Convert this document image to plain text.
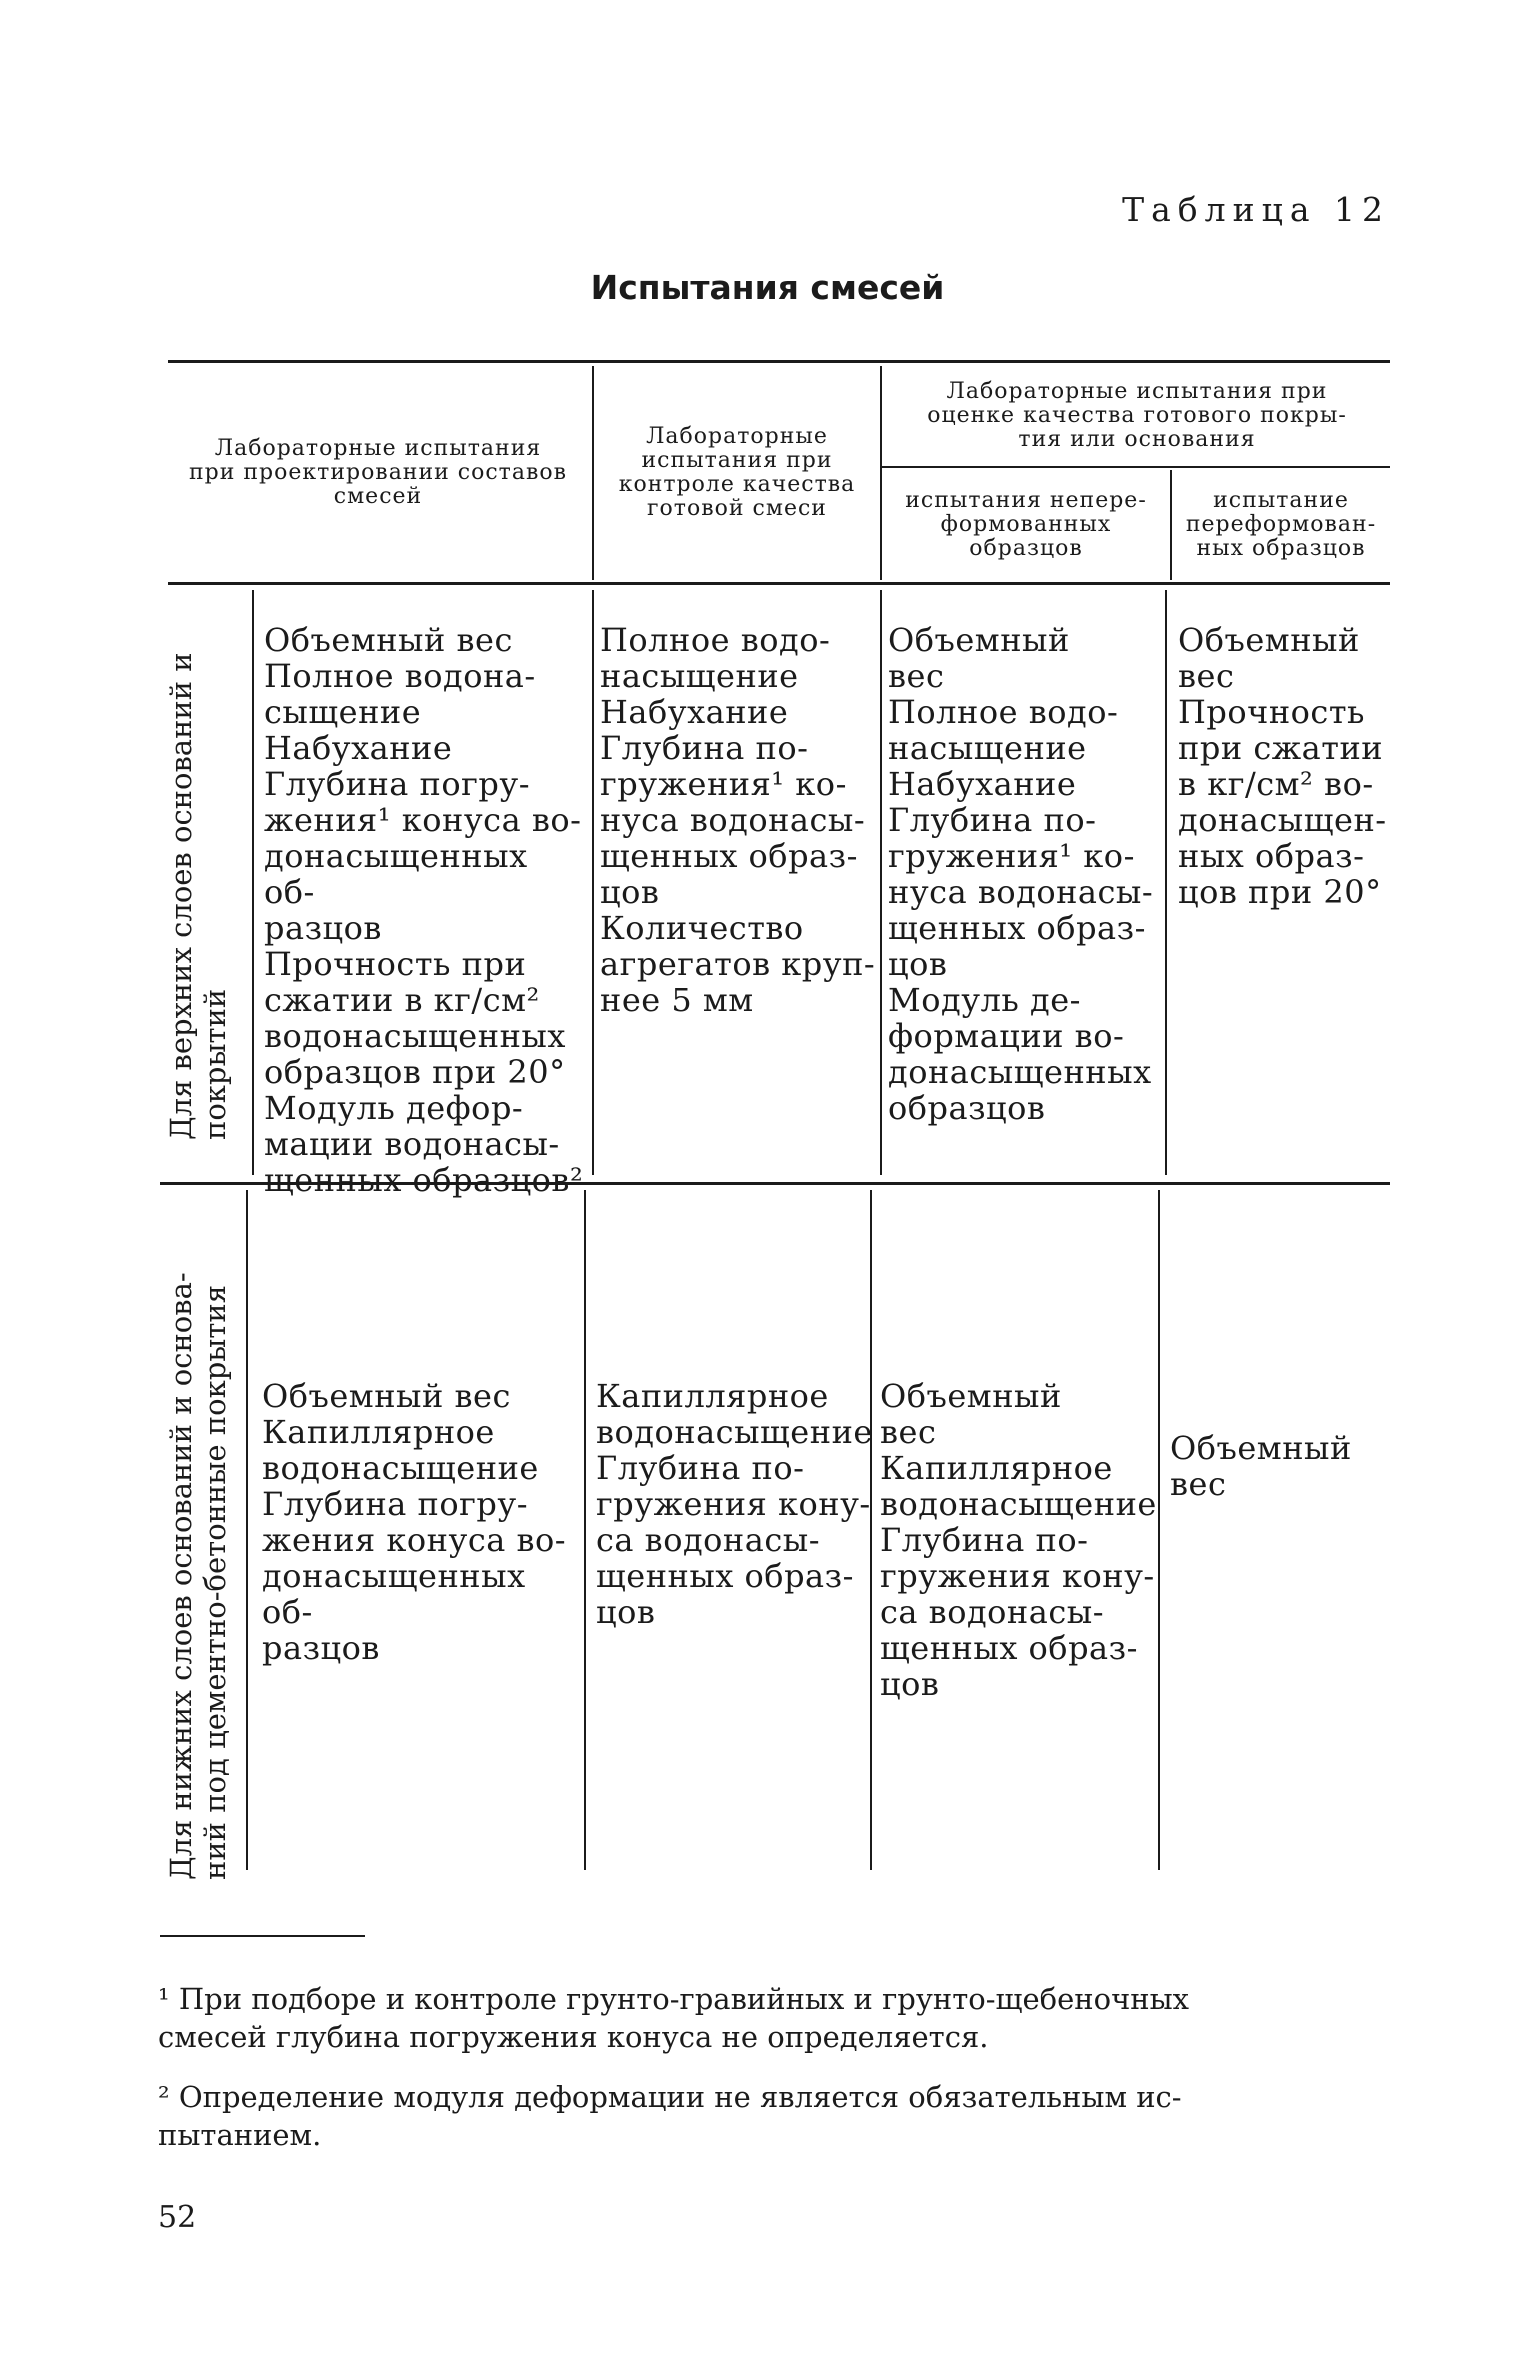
Таблица 12
Испытания смесей
Лабораторные испытания
при проектировании составов
смесей
Лабораторные
испытания при
контроле качества
готовой смеси
Лабораторные испытания при
оценке качества готового покры-
тия или основания
испытания непере-
формованных
образцов
испытание
переформован-
ных образцов
Для верхних слоев оснований и
покрытий
Объемный вес
Полное водона-
сыщение
Набухание
Глубина погру-
жения¹ конуса во-
донасыщенных об-
разцов
Прочность при
сжатии в кг/см²
водонасыщенных
образцов при 20°
Модуль дефор-
мации водонасы-
щенных образцов²
Полное водо-
насыщение
Набухание
Глубина по-
гружения¹ ко-
нуса водонасы-
щенных образ-
цов
Количество
агрегатов круп-
нее 5 мм
Объемный
вес
Полное водо-
насыщение
Набухание
Глубина по-
гружения¹ ко-
нуса водонасы-
щенных образ-
цов
Модуль де-
формации во-
донасыщенных
образцов
Объемный
вес
Прочность
при сжатии
в кг/см² во-
донасыщен-
ных образ-
цов при 20°
Для нижних слоев оснований и основа-
ний под цементно-бетонные покрытия Объемный вес
Капиллярное
водонасыщение
Глубина погру-
жения конуса во-
донасыщенных об-
разцов
Капиллярное
водонасыщение
Глубина по-
гружения кону-
са водонасы-
щенных образ-
цов
Объемный
вес
Капиллярное
водонасыщение
Глубина по-
гружения кону-
са водонасы-
щенных образ-
цов
Объемный
вес
¹ При подборе и контроле грунто-гравийных и грунто-щебеночных
смесей глубина погружения конуса не определяется.
² Определение модуля деформации не является обязательным ис-
пытанием.
52
